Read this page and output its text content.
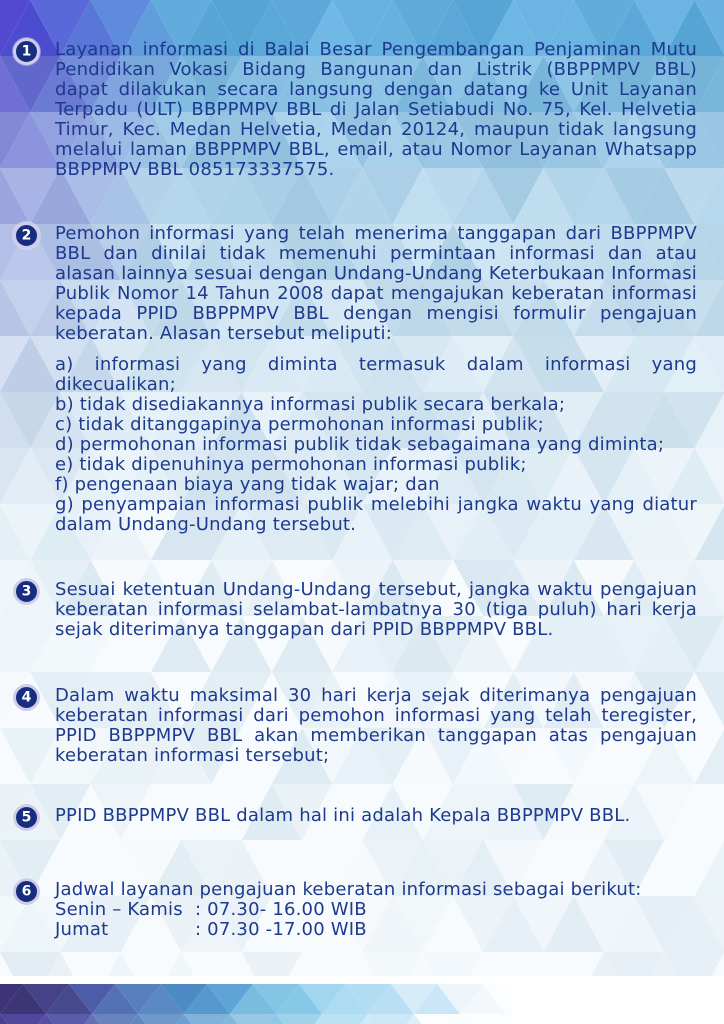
1 Layanan informasi di Balai Besar Pengembangan Penjaminan Mutu Pendidikan Vokasi Bidang Bangunan dan Listrik (BBPPMPV BBL) dapat dilakukan secara langsung dengan datang ke Unit Layanan Terpadu (ULT) BBPPMPV BBL di Jalan Setiabudi No. 75, Kel. Helvetia Timur, Kec. Medan Helvetia, Medan 20124, maupun tidak langsung melalui laman BBPPMPV BBL, email, atau Nomor Layanan Whatsapp BBPPMPV BBL 085173337575.

2 Pemohon informasi yang telah menerima tanggapan dari BBPPMPV BBL dan dinilai tidak memenuhi permintaan informasi dan atau alasan lainnya sesuai dengan Undang-Undang Keterbukaan Informasi Publik Nomor 14 Tahun 2008 dapat mengajukan keberatan informasi kepada PPID BBPPMPV BBL dengan mengisi formulir pengajuan keberatan. Alasan tersebut meliputi:

a) informasi yang diminta termasuk dalam informasi yang dikecualikan;

b) tidak disediakannya informasi publik secara berkala;

c) tidak ditanggapinya permohonan informasi publik;

d) permohonan informasi publik tidak sebagaimana yang diminta;

e) tidak dipenuhinya permohonan informasi publik;

f) pengenaan biaya yang tidak wajar; dan

g) penyampaian informasi publik melebihi jangka waktu yang diatur dalam Undang-Undang tersebut.

3 Sesuai ketentuan Undang-Undang tersebut, jangka waktu pengajuan keberatan informasi selambat-lambatnya 30 (tiga puluh) hari kerja sejak diterimanya tanggapan dari PPID BBPPMPV BBL.

4 Dalam waktu maksimal 30 hari kerja sejak diterimanya pengajuan keberatan informasi dari pemohon informasi yang telah teregister, PPID BBPPMPV BBL akan memberikan tanggapan atas pengajuan keberatan informasi tersebut;

5 PPID BBPPMPV BBL dalam hal ini adalah Kepala BBPPMPV BBL.

6 Jadwal layanan pengajuan keberatan informasi sebagai berikut:

Senin – Kamis : 07.30- 16.00 WIB
Jumat	: 07.30 -17.00 WIB
